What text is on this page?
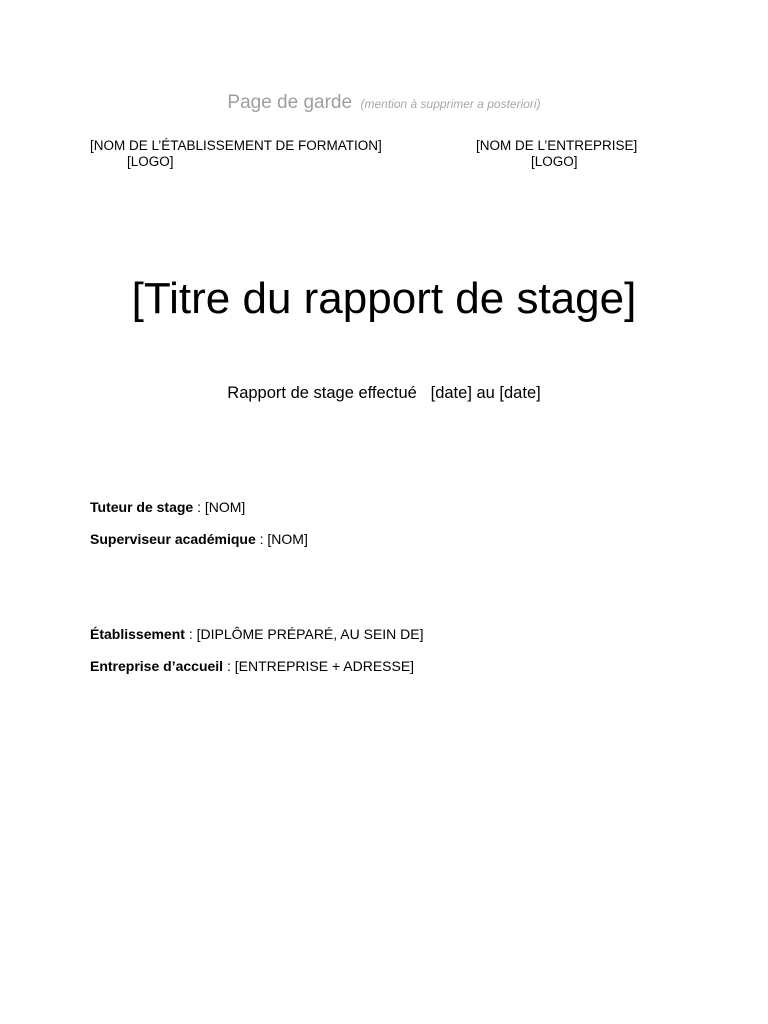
Page de garde (mention à supprimer a posteriori)
[NOM DE L’ÉTABLISSEMENT DE FORMATION]
[LOGO]
[NOM DE L’ENTREPRISE]
[LOGO]
[Titre du rapport de stage]
Rapport de stage effectué   [date] au [date]
Tuteur de stage : [NOM]
Superviseur académique : [NOM]
Établissement : [DIPLÔME PRÉPARÉ, AU SEIN DE]
Entreprise d’accueil : [ENTREPRISE + ADRESSE]
